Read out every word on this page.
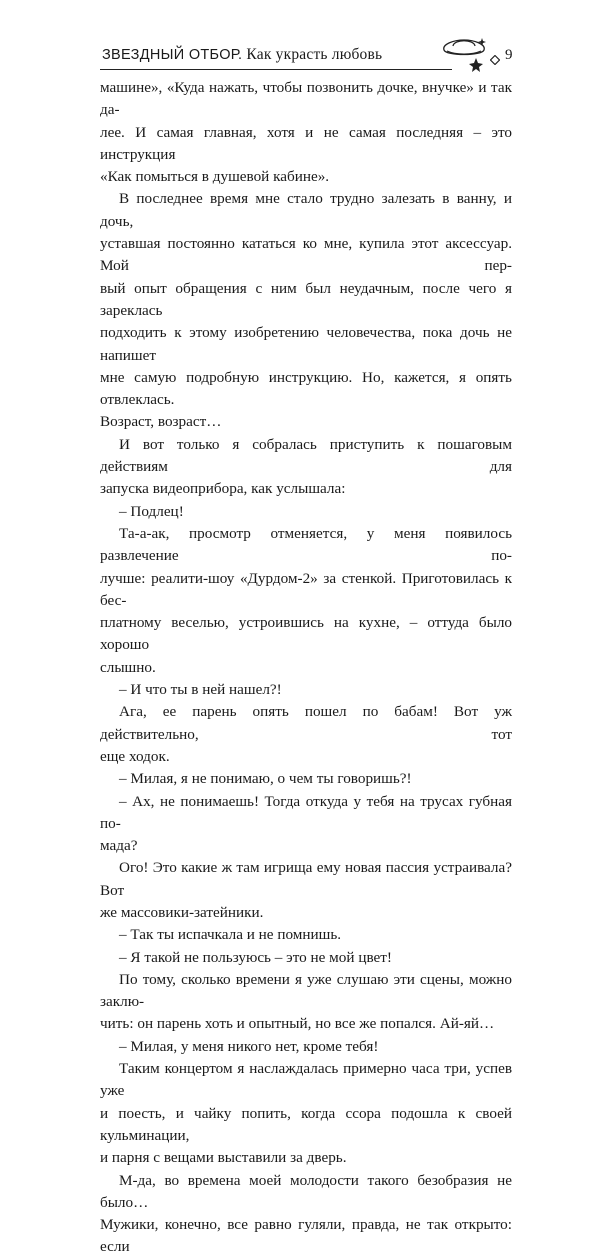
ЗВЕЗДНЫЙ ОТБОР. Как украсть любовь	9

машине», «Куда нажать, чтобы позвонить дочке, внучке» и так да-

лее. И самая главная, хотя и не самая последняя – это инструкция

«Как помыться в душевой кабине».

В последнее время мне стало трудно залезать в ванну, и дочь,

уставшая постоянно кататься ко мне, купила этот аксессуар. Мой пер-

вый опыт обращения с ним был неудачным, после чего я зареклась

подходить к этому изобретению человечества, пока дочь не напишет

мне самую подробную инструкцию. Но, кажется, я опять отвлеклась.

Возраст, возраст…

И вот только я собралась приступить к пошаговым действиям для

запуска видеоприбора, как услышала:

– Подлец!

Та-а-ак, просмотр отменяется, у меня появилось развлечение по-

лучше: реалити-шоу «Дурдом-2» за стенкой. Приготовилась к бес-

платному веселью, устроившись на кухне, – оттуда было хорошо

слышно.

– И что ты в ней нашел?!

Ага, ее парень опять пошел по бабам! Вот уж действительно, тот

еще ходок.

– Милая, я не понимаю, о чем ты говоришь?!

– Ах, не понимаешь! Тогда откуда у тебя на трусах губная по-

мада?

Ого! Это какие ж там игрища ему новая пассия устраивала? Вот

же массовики-затейники.

– Так ты испачкала и не помнишь.

– Я такой не пользуюсь – это не мой цвет!

По тому, сколько времени я уже слушаю эти сцены, можно заклю-

чить: он парень хоть и опытный, но все же попался. Ай-яй…

– Милая, у меня никого нет, кроме тебя!

Таким концертом я наслаждалась примерно часа три, успев уже

и поесть, и чайку попить, когда ссора подошла к своей кульминации,

и парня с вещами выставили за дверь.

М-да, во времена моей молодости такого безобразия не было…

Мужики, конечно, все равно гуляли, правда, не так открыто: если
